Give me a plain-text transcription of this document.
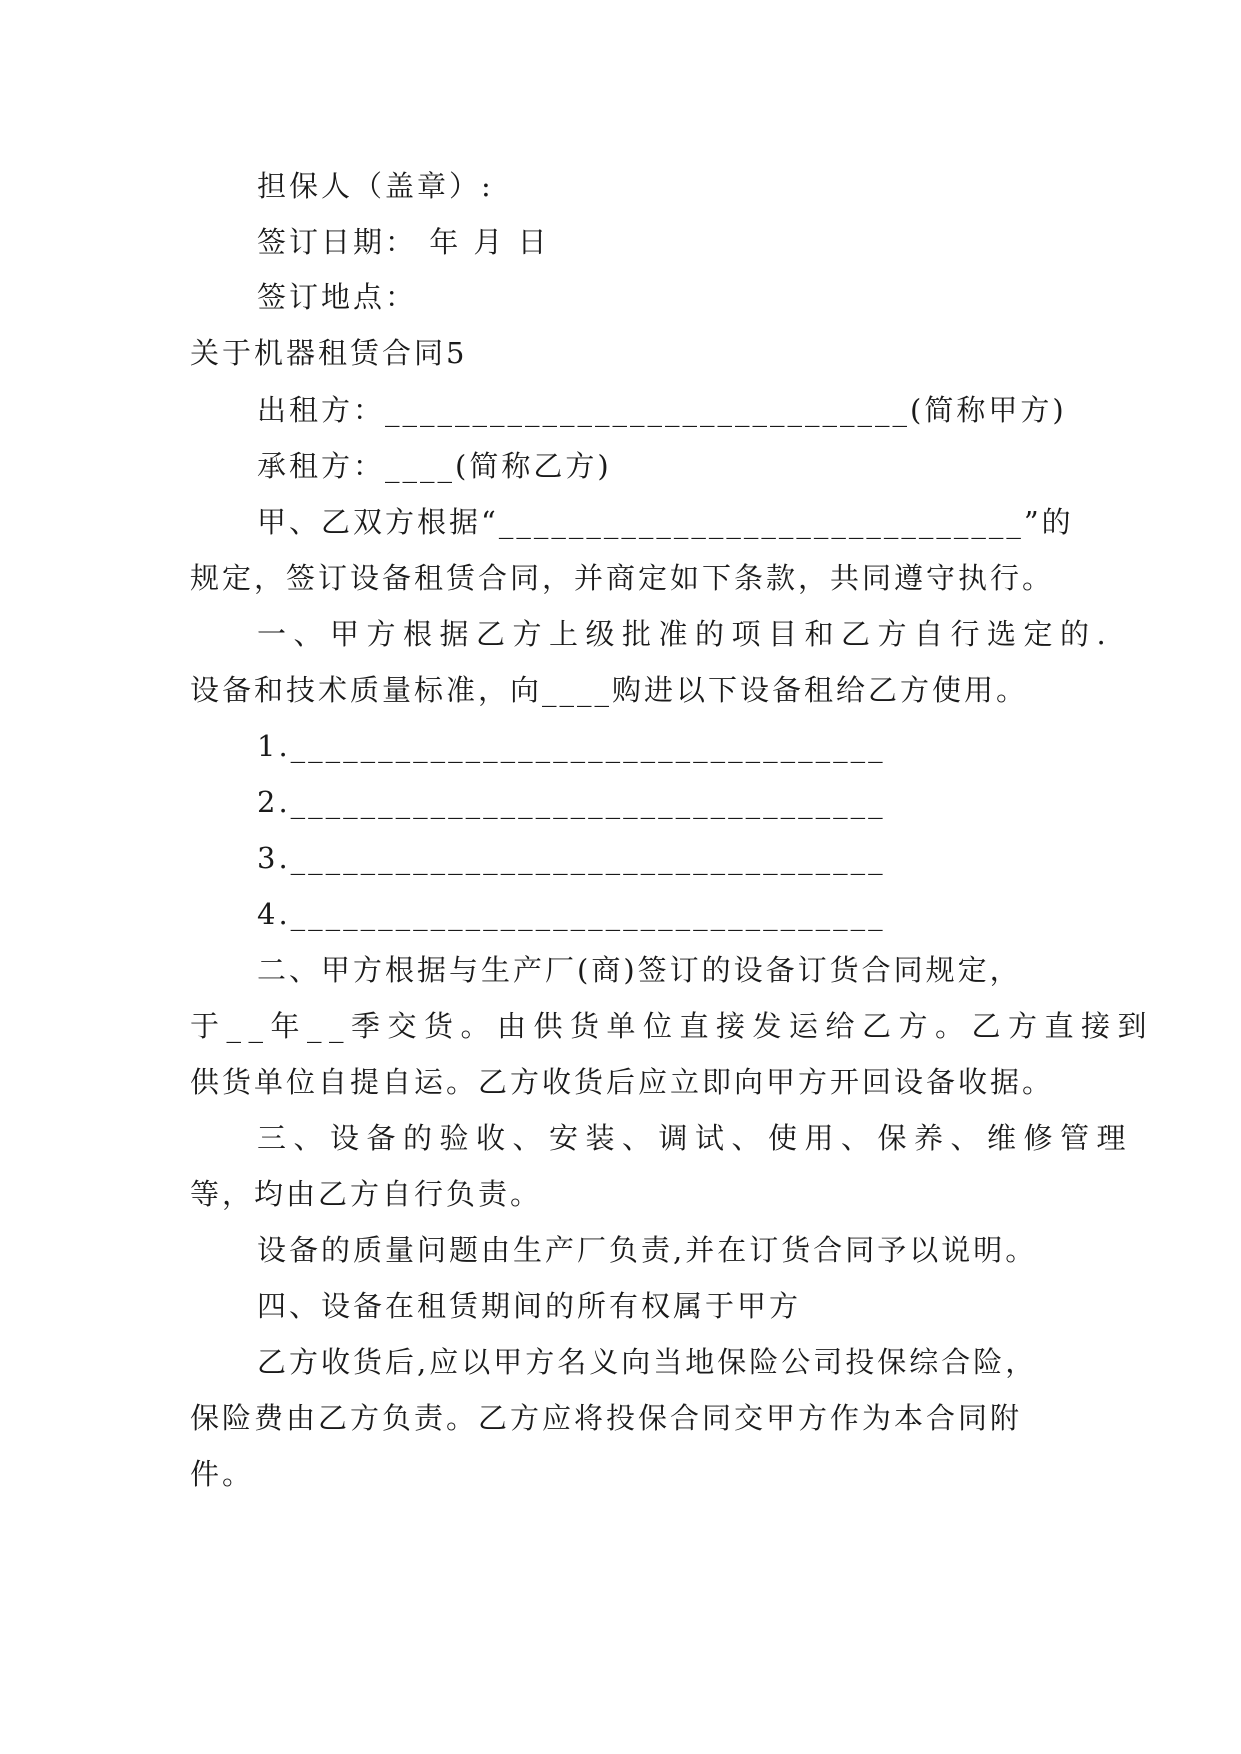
担保人（盖章）:
签订日期： 年 月 日
签订地点：
关于机器租赁合同5
出租方：______________________________(简称甲方)
承租方：____(简称乙方)
甲、乙双方根据“______________________________”的
规定，签订设备租赁合同，并商定如下条款，共同遵守执行。
一、甲方根据乙方上级批准的项目和乙方自行选定的.
设备和技术质量标准，向____购进以下设备租给乙方使用。
1.__________________________________
2.__________________________________
3.__________________________________
4.__________________________________
二、甲方根据与生产厂(商)签订的设备订货合同规定，
于__年__季交货。由供货单位直接发运给乙方。乙方直接到
供货单位自提自运。乙方收货后应立即向甲方开回设备收据。
三、设备的验收、安装、调试、使用、保养、维修管理
等，均由乙方自行负责。
设备的质量问题由生产厂负责,并在订货合同予以说明。
四、设备在租赁期间的所有权属于甲方
乙方收货后,应以甲方名义向当地保险公司投保综合险，
保险费由乙方负责。乙方应将投保合同交甲方作为本合同附
件。
